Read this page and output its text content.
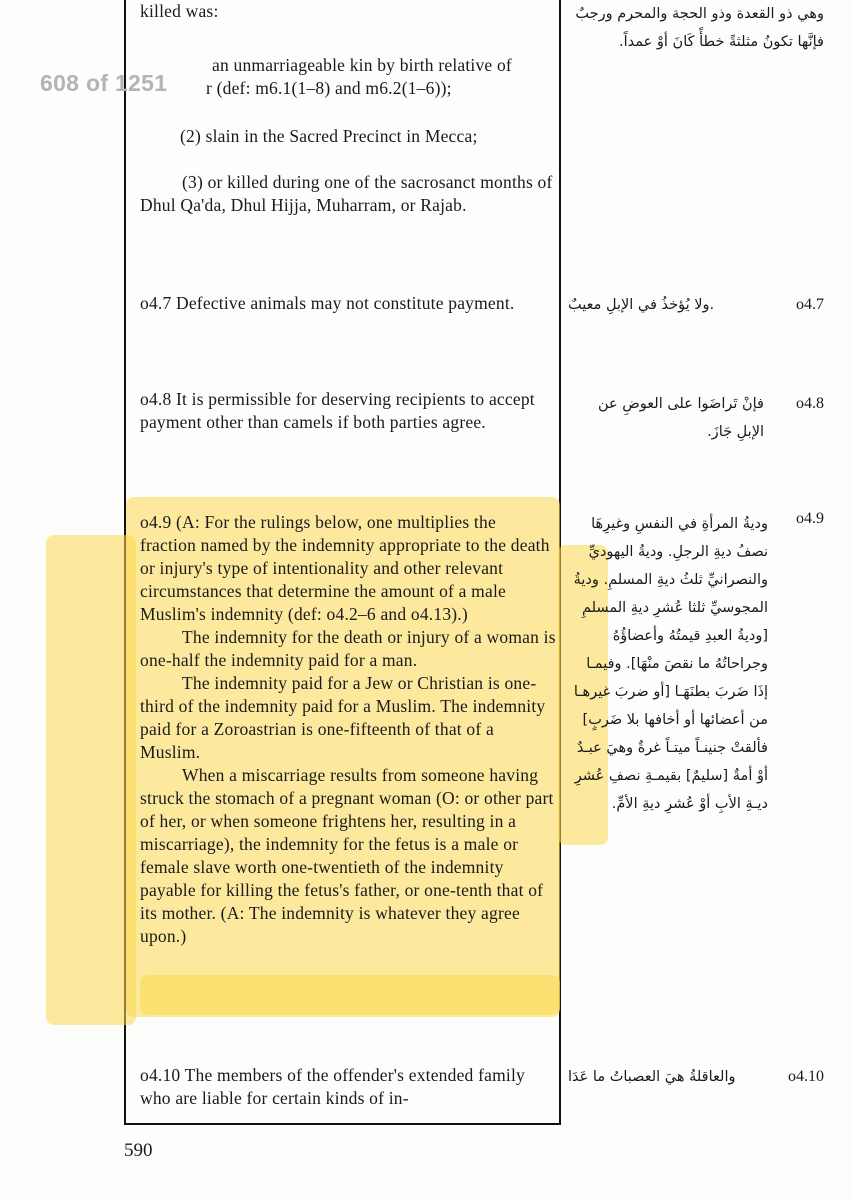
killed was:

an unmarriageable kin by birth relative of

r (def: m6.1(1–8) and m6.2(1–6));

(2) slain in the Sacred Precinct in Mecca;

(3) or killed during one of the sacrosanct months of Dhul Qa'da, Dhul Hijja, Muharram, or Rajab.

o4.7 Defective animals may not constitute payment.

o4.8 It is permissible for deserving recipients to accept payment other than camels if both parties agree.

o4.9 (A: For the rulings below, one multiplies the fraction named by the indemnity appropriate to the death or injury's type of intentionality and other relevant circumstances that determine the amount of a male Muslim's indemnity (def: o4.2–6 and o4.13).)

The indemnity for the death or injury of a woman is one-half the indemnity paid for a man.

The indemnity paid for a Jew or Christian is one-third of the indemnity paid for a Muslim. The indemnity paid for a Zoroastrian is one-fifteenth of that of a Muslim.

When a miscarriage results from someone having struck the stomach of a pregnant woman (O: or other part of her, or when someone frightens her, resulting in a miscarriage), the indemnity for the fetus is a male or female slave worth one-twentieth of the indemnity payable for killing the fetus's father, or one-tenth that of its mother. (A: The indemnity is whatever they agree upon.)

o4.10 The members of the offender's extended family who are liable for certain kinds of in-

وهي ذو القعدة وذو الحجة والمحرم ورجبٌ فإنَّها تكونُ مثلثةً خطأً كَانَ أوْ عمداً.
ولا يُؤخذُ في الإبلِ معيبٌ.	o4.7
فإنْ تَراضَوا على العوضِ عن الإبلِ جَازَ.
o4.8
وديةُ المرأةِ في النفسِ وغيرِهَا نصفُ ديةِ الرجلِ. وديةُ اليهوديِّ والنصرانيِّ ثلثُ ديةِ المسلمِ. وديةُ المجوسيِّ ثلثا عُشرِ ديةِ المسلمِ [وديةُ العبدِ قيمتُهُ وأعضاؤُهُ وجراحاتُهُ ما نقصَ منْهَا]. وفيمـا إذَا ضَربَ بطنَهَـا [أو ضربَ غيرهـا من أعضائها أو أخافها بلا ضَربٍ] فألقتْ جنينـاً ميتـاً غرةٌ وهيَ عبـدٌ أوْ أمةٌ [سليمٌ] بقيمـةِ نصفِ عُشرِ ديـةِ الأبِ أوْ عُشرِ ديةِ الأمِّ.
o4.9
والعاقلةُ هيَ العصباتُ ما عَدَا	o4.10
590
608 of 1251
